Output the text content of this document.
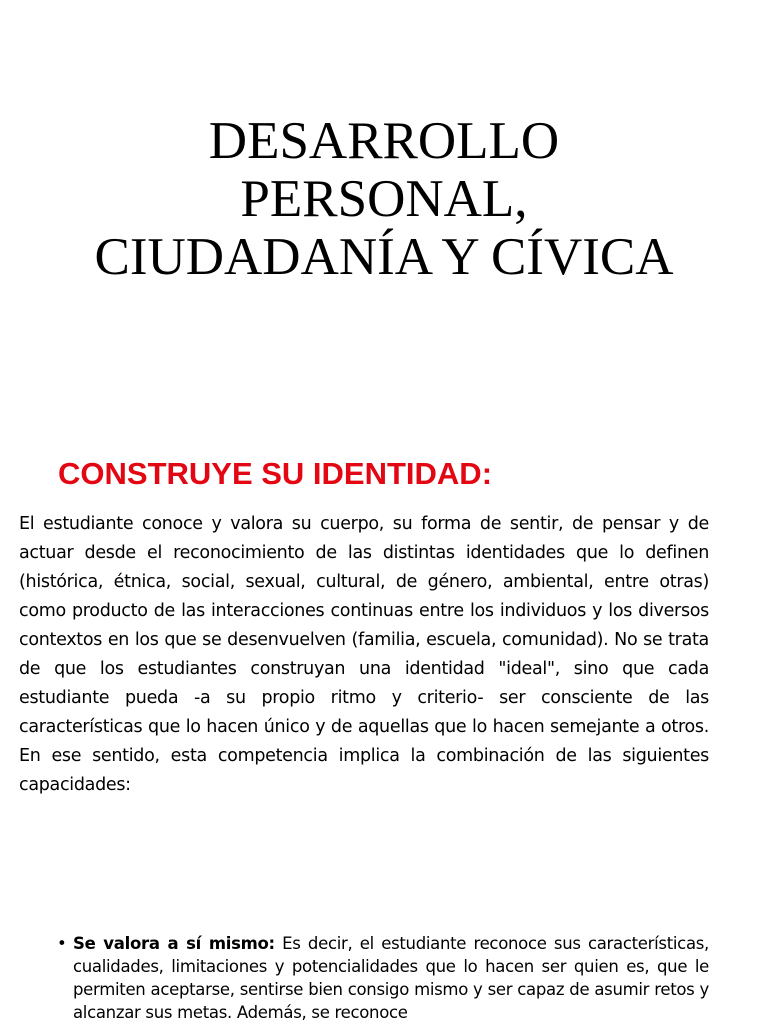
DESARROLLO
PERSONAL,
CIUDADANÍA Y CÍVICA
CONSTRUYE SU IDENTIDAD:

El estudiante conoce y valora su cuerpo, su forma de sentir, de pensar y de actuar desde el reconocimiento de las distintas identidades que lo definen (histórica, étnica, social, sexual, cultural, de género, ambiental, entre otras) como producto de las interacciones continuas entre los individuos y los diversos contextos en los que se desenvuelven (familia, escuela, comunidad). No se trata de que los estudiantes construyan una identidad "ideal", sino que cada estudiante pueda -a su propio ritmo y criterio- ser consciente de las características que lo hacen único y de aquellas que lo hacen semejante a otros. En ese sentido, esta competencia implica la combinación de las siguientes capacidades:

• Se valora a sí mismo: Es decir, el estudiante reconoce sus características, cualidades, limitaciones y potencialidades que lo hacen ser quien es, que le permiten aceptarse, sentirse bien consigo mismo y ser capaz de asumir retos y alcanzar sus metas. Además, se reconoce
